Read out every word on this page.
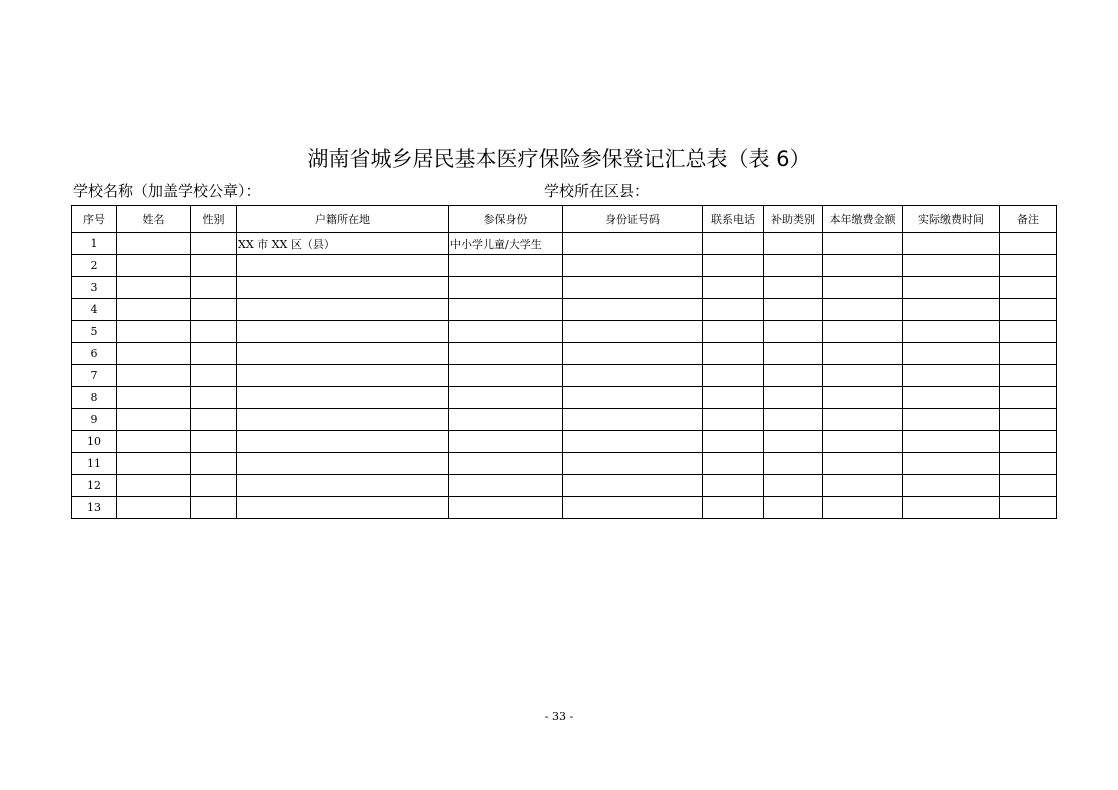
湖南省城乡居民基本医疗保险参保登记汇总表（表 6）
学校名称（加盖学校公章）：	学校所在区县：
序号	姓名	性别	户籍所在地	参保身份	身份证号码	联系电话	补助类别	本年缴费金额	实际缴费时间	备注
1			XX 市 XX 区（县）	中小学儿童/大学生						
2										
3										
4										
5										
6										
7										
8										
9										
10										
11										
12										
13										
- 33 -
